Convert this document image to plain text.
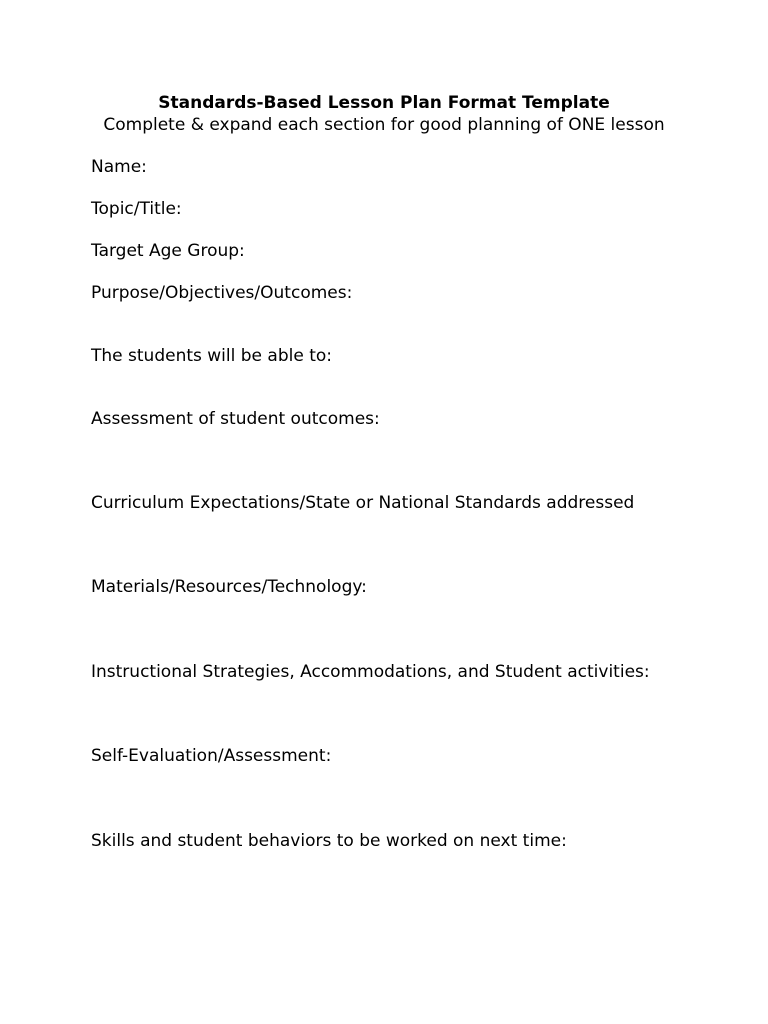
Standards-Based Lesson Plan Format Template
Complete & expand each section for good planning of ONE lesson
Name:
Topic/Title:
Target Age Group:
Purpose/Objectives/Outcomes:
The students will be able to:
Assessment of student outcomes:
Curriculum Expectations/State or National Standards addressed
Materials/Resources/Technology:
Instructional Strategies, Accommodations, and Student activities:
Self-Evaluation/Assessment:
Skills and student behaviors to be worked on next time:
